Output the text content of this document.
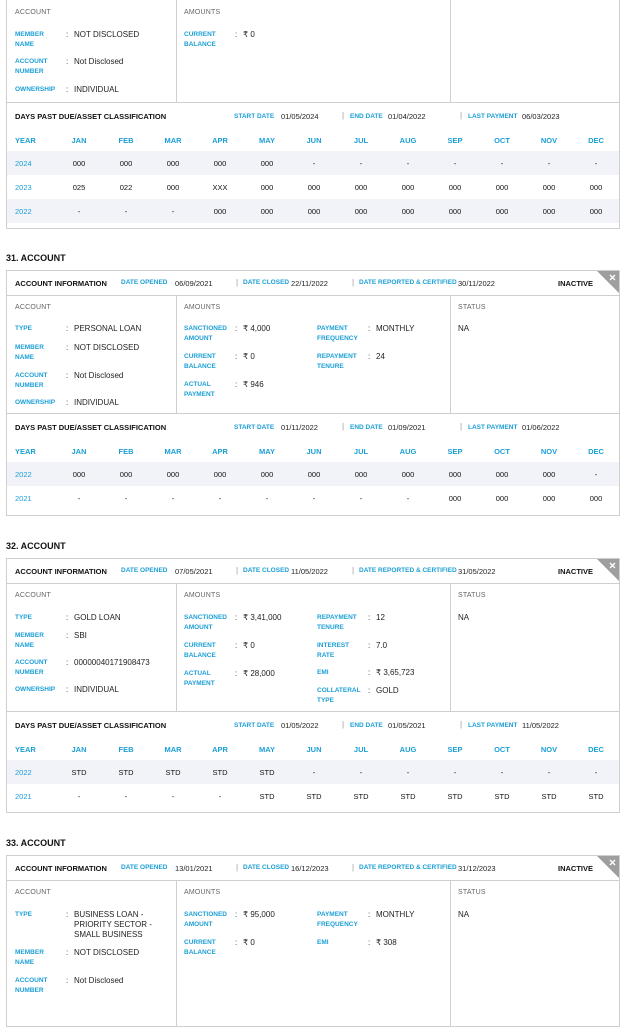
ACCOUNT	AMOUNTS
MEMBER NAME
: NOT DISCLOSED
ACCOUNT NUMBER
: Not Disclosed
OWNERSHIP : INDIVIDUAL
CURRENT BALANCE
: ₹ 0
DAYS PAST DUE/ASSET CLASSIFICATION	START DATE 01/05/2024	| END DATE 01/04/2022	| LAST PAYMENT 06/03/2023
YEAR	JAN	FEB	MAR	APR	MAY	JUN	JUL	AUG	SEP	OCT	NOV	DEC
2024	000	000	000	000	000	-	-	-	-	-	-	-
2023	025	022	000	XXX	000	000	000	000	000	000	000	000
2022	-	-	-	000	000	000	000	000	000	000	000	000
31. ACCOUNT
ACCOUNT INFORMATION DATE OPENED 06/09/2021	| DATE CLOSED 22/11/2022	| DATE REPORTED & CERTIFIED 30/11/2022	INACTIVE
ACCOUNT	AMOUNTS	STATUS
TYPE	: PERSONAL LOAN
MEMBER NAME
: NOT DISCLOSED
ACCOUNT NUMBER
: Not Disclosed
OWNERSHIP : INDIVIDUAL
SANCTIONED AMOUNT
: ₹ 4,000
CURRENT BALANCE
: ₹ 0
ACTUAL PAYMENT
: ₹ 946
PAYMENT FREQUENCY
: MONTHLY
REPAYMENT TENURE
: 24
NA
DAYS PAST DUE/ASSET CLASSIFICATION	START DATE 01/11/2022	| END DATE 01/09/2021	| LAST PAYMENT 01/06/2022
YEAR	JAN	FEB	MAR	APR	MAY	JUN	JUL	AUG	SEP	OCT	NOV	DEC
2022	000	000	000	000	000	000	000	000	000	000	000	-
2021	-	-	-	-	-	-	-	-	000	000	000	000
32. ACCOUNT
ACCOUNT INFORMATION DATE OPENED 07/05/2021	| DATE CLOSED 11/05/2022	| DATE REPORTED & CERTIFIED 31/05/2022	INACTIVE
ACCOUNT	AMOUNTS	STATUS
TYPE	: GOLD LOAN
MEMBER NAME
: SBI
ACCOUNT NUMBER
: 00000040171908473
OWNERSHIP : INDIVIDUAL
SANCTIONED AMOUNT
: ₹ 3,41,000
CURRENT BALANCE
: ₹ 0
ACTUAL PAYMENT
: ₹ 28,000
REPAYMENT TENURE
: 12
INTEREST RATE
: 7.0
EMI	: ₹ 3,65,723
COLLATERAL TYPE
: GOLD
NA
DAYS PAST DUE/ASSET CLASSIFICATION	START DATE 01/05/2022	| END DATE 01/05/2021	| LAST PAYMENT 11/05/2022
YEAR	JAN	FEB	MAR	APR	MAY	JUN	JUL	AUG	SEP	OCT	NOV	DEC
2022	STD	STD	STD	STD	STD	-	-	-	-	-	-	-
2021	-	-	-	-	STD	STD	STD	STD	STD	STD	STD	STD
33. ACCOUNT
ACCOUNT INFORMATION DATE OPENED 13/01/2021	| DATE CLOSED 16/12/2023	| DATE REPORTED & CERTIFIED 31/12/2023	INACTIVE
ACCOUNT	AMOUNTS	STATUS
TYPE	: BUSINESS LOAN - PRIORITY SECTOR - SMALL BUSINESS
MEMBER NAME
: NOT DISCLOSED
ACCOUNT NUMBER
: Not Disclosed
SANCTIONED AMOUNT
: ₹ 95,000
CURRENT BALANCE
: ₹ 0
PAYMENT FREQUENCY
: MONTHLY
EMI	: ₹ 308
NA
